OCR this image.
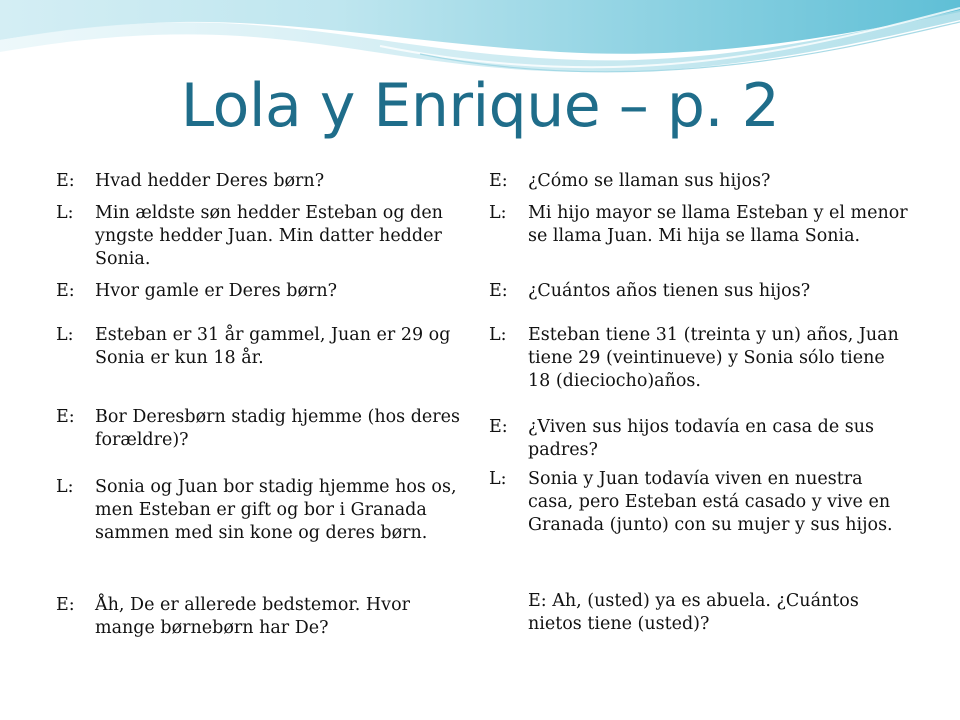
Lola y Enrique – p. 2
E:	Hvad hedder Deres børn?
L:	Min ældste søn hedder Esteban og den yngste hedder Juan. Min datter hedder Sonia.
E:	Hvor gamle er Deres børn?
L:	Esteban er 31 år gammel, Juan er 29 og Sonia er kun 18 år.
E:	Bor Deresbørn stadig hjemme (hos deres forældre)?
L:	Sonia og Juan bor stadig hjemme hos os, men Esteban er gift og bor i Granada sammen med sin kone og deres børn.
E:	Åh, De er allerede bedstemor. Hvor mange børnebørn har De?
E:	¿Cómo se llaman sus hijos?
L:	Mi hijo mayor se llama Esteban y el menor se llama Juan. Mi hija se llama Sonia.
E:	¿Cuántos años tienen sus hijos?
L:	Esteban tiene 31 (treinta y un) años, Juan tiene 29 (veintinueve) y Sonia sólo tiene 18 (dieciocho)años.
E:	¿Viven sus hijos todavía en casa de sus padres?
L:	Sonia y Juan todavía viven en nuestra casa, pero Esteban está casado y vive en Granada (junto) con su mujer y sus hijos.
E: Ah, (usted) ya es abuela. ¿Cuántos nietos tiene (usted)?
